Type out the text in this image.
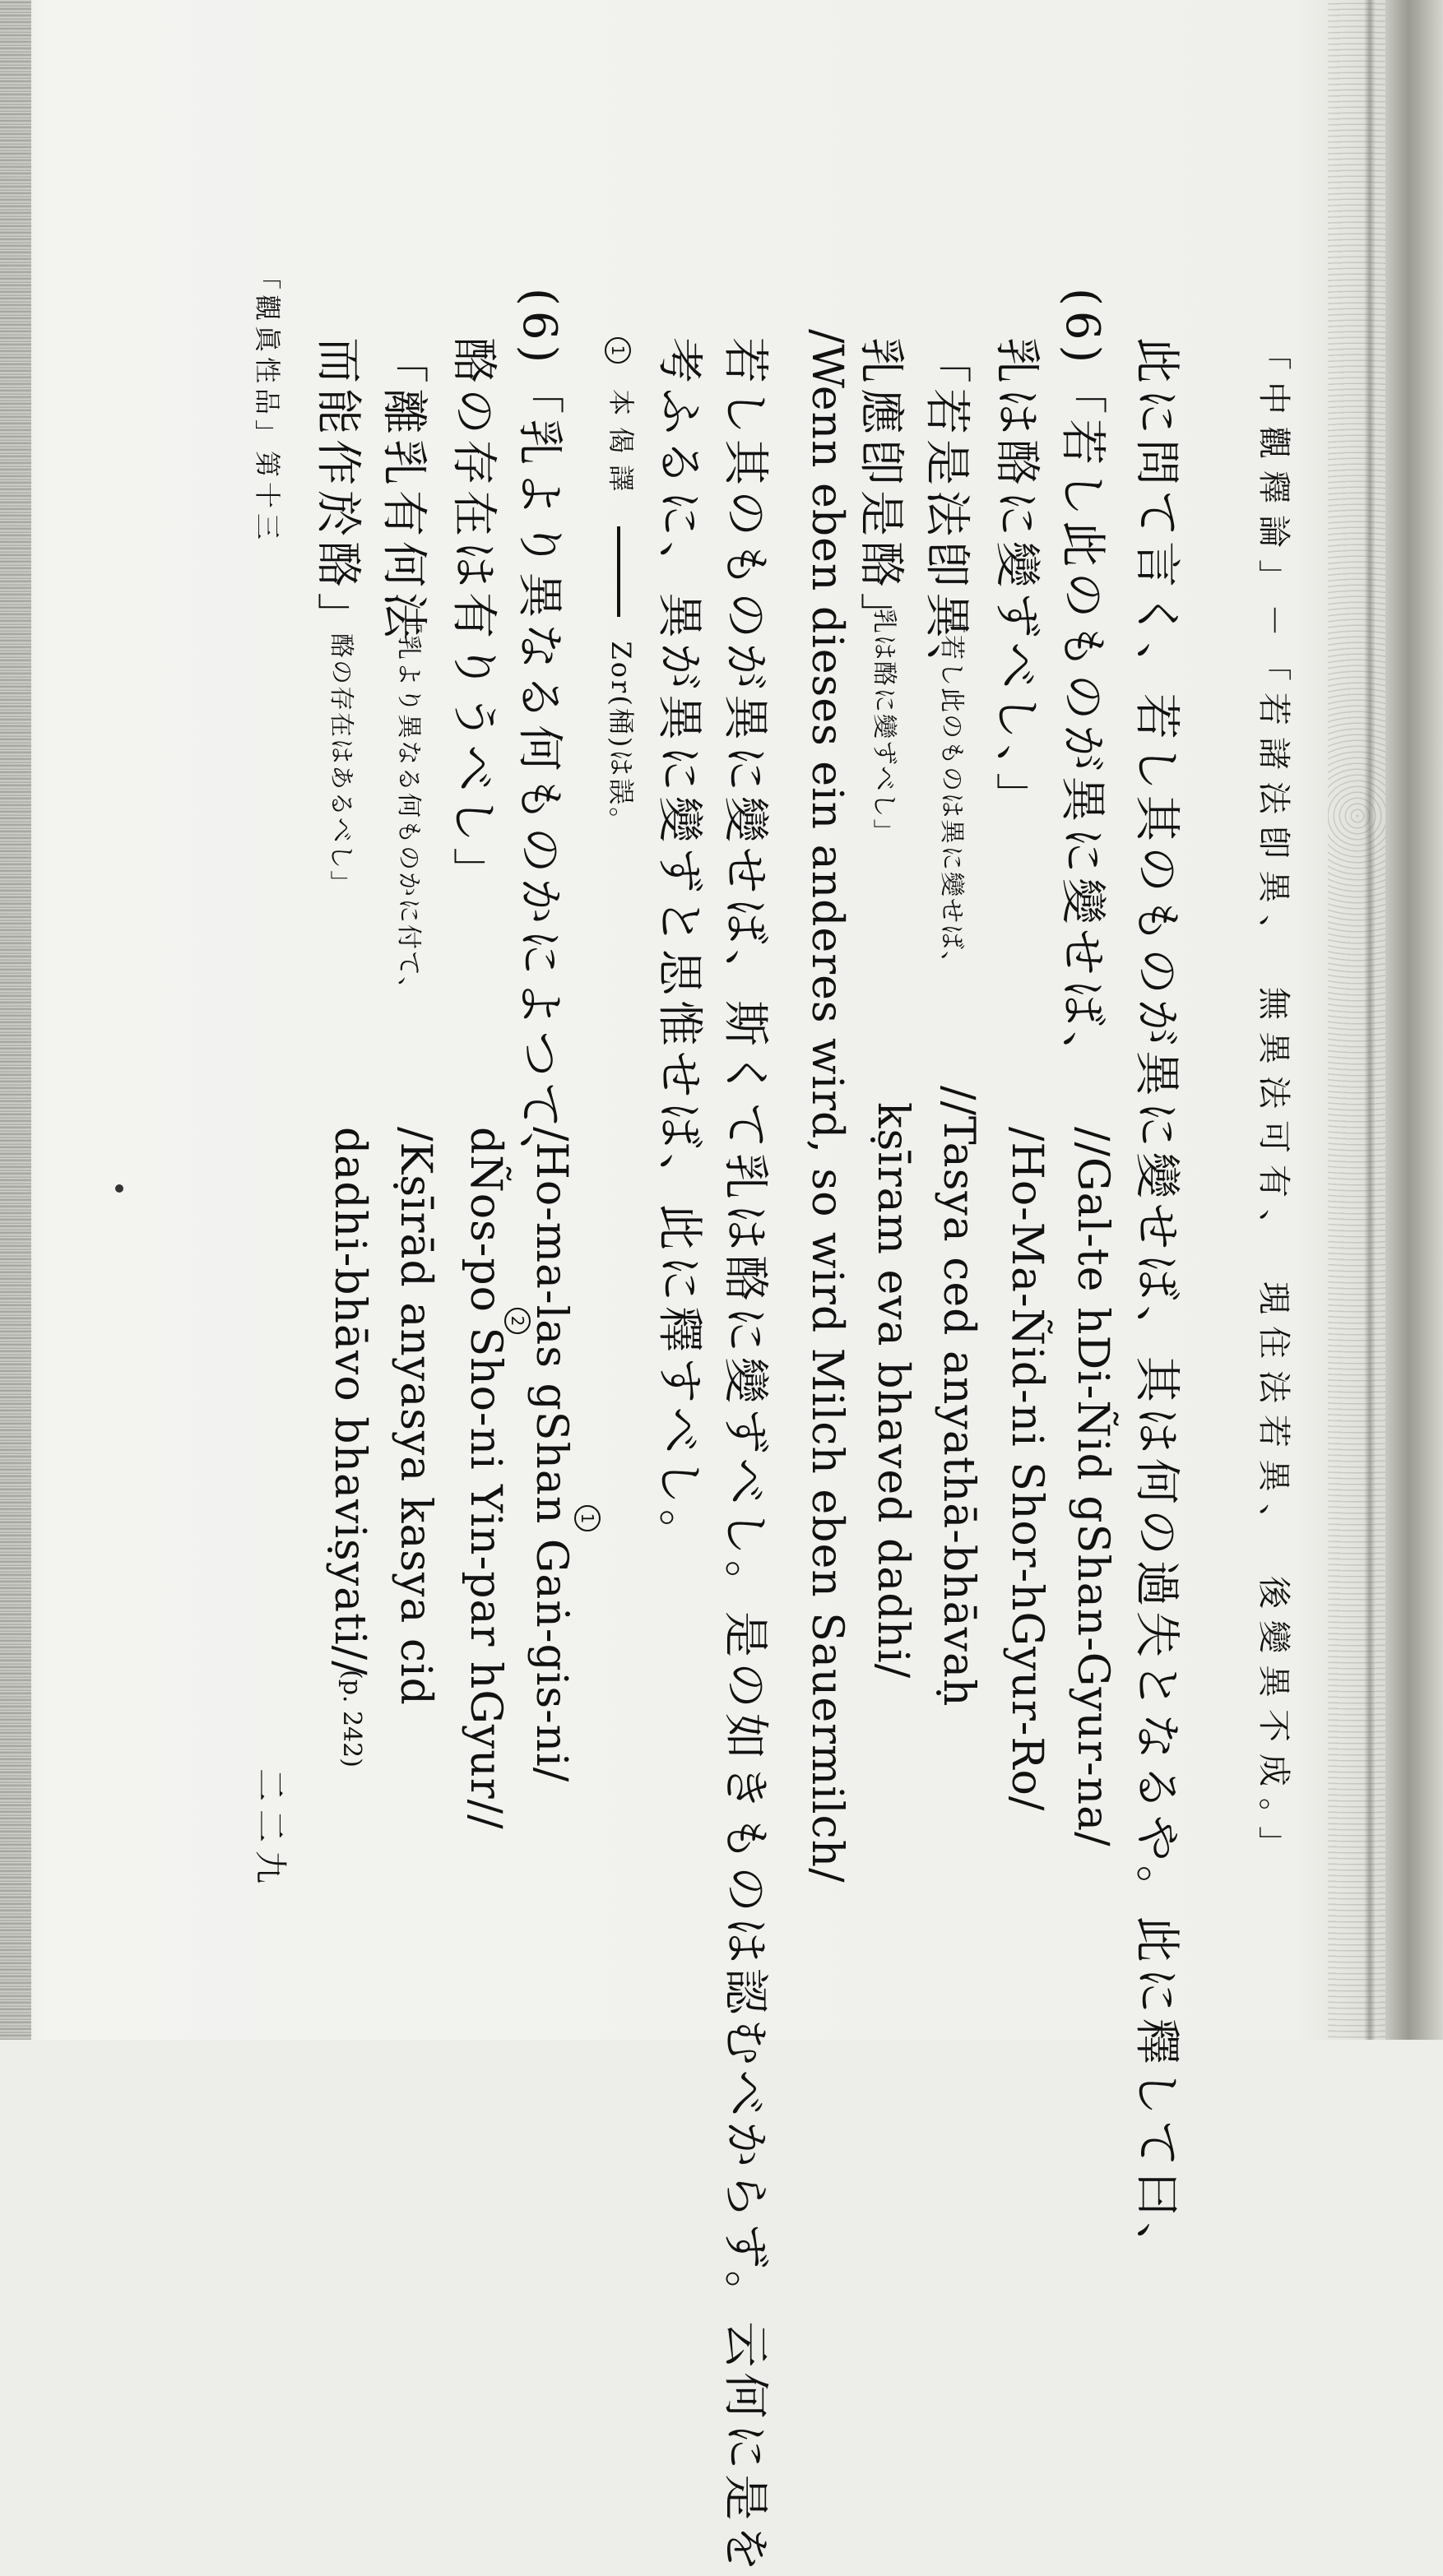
「中觀釋論」－「若諸法卽異、　無異法可有、　現住法若異、　後變異不成。」
此に問て言く、若し其のものが異に變せば、其は何の過失となるや。此に釋して曰、
(6)「若し此のものが異に變せば、
//Gal-te hDi-Ñid gShan-Gyur-na/
乳は酪に變ずべし、」
/Ho-Ma-Ñid-ni Shor-hGyur-Ro/
「若是法卽異、
「若し此のものは異に變せば、
//Tasya ced anyathā-bhāvaḥ
乳應卽是酪」
乳は酪に變ずべし」
kṣīram eva bhaved dadhi/
/Wenn eben dieses ein anderes wird, so wird Milch eben Sauermilch/
若し其のものが異に變せば、斯くて乳は酪に變ずべし。是の如きものは認むべからず。云何に是を
考ふるに、異が異に變ずと思惟せば、此に釋すべし。
1 本偈譯  Zor(桶)は誤。
(6)「乳より異なる何ものかによつて、
/Ho-ma-las gShan Gaṅ-gis-ni/ 1
酪の存在は有りうべし」
2
dÑos-po Sho-ni Yin-par hGyur//
「離乳有何法
「乳より異なる何ものかに付て、
/Kṣīrād anyasya kasya cid
而能作於酪」
酪の存在はあるべし」
dadhi-bhāvo bhaviṣyati//
(p. 242)
「觀眞性品」第十三
二二九
